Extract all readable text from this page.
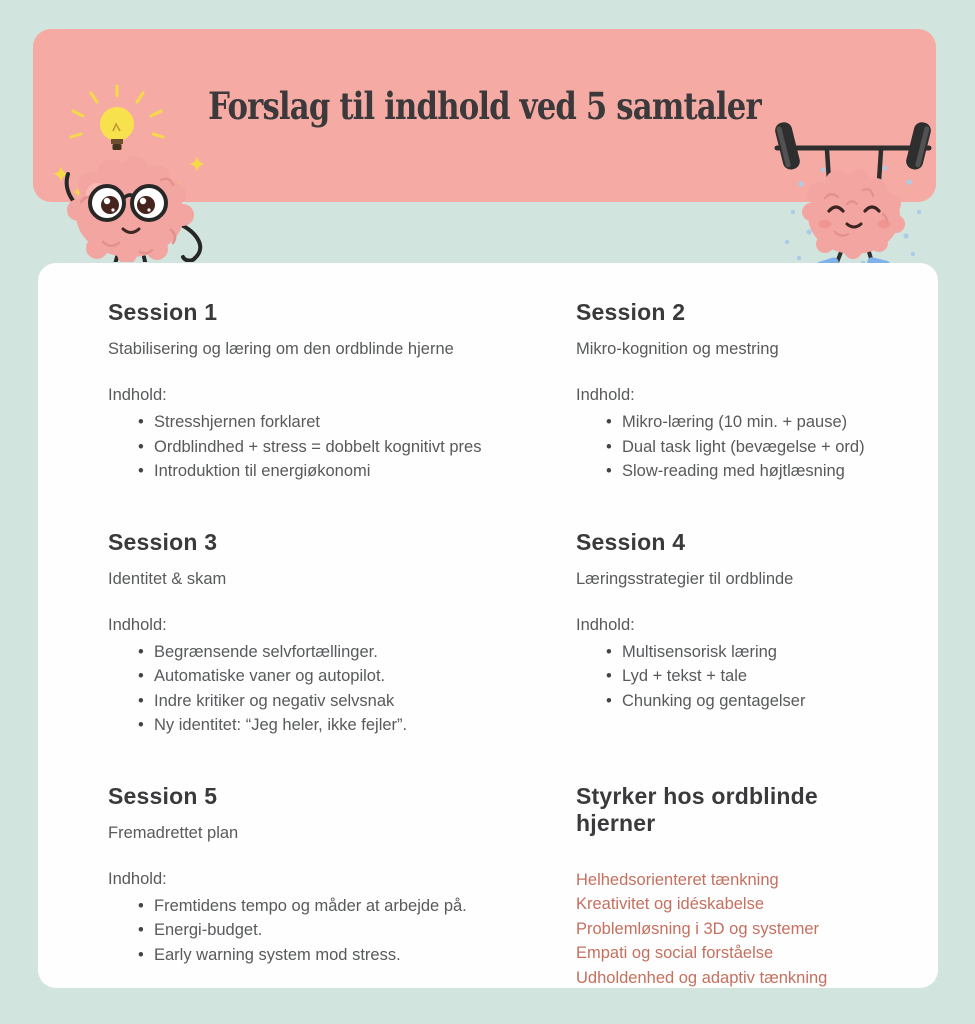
Forslag til indhold ved 5 samtaler
Session 1

Stabilisering og læring om den ordblinde hjerne

Indhold:

• Stresshjernen forklaret
• Ordblindhed + stress = dobbelt kognitivt pres
• Introduktion til energiøkonomi
Session 2

Mikro-kognition og mestring

Indhold:

• Mikro-læring (10 min. + pause)
• Dual task light (bevægelse + ord)
• Slow-reading med højtlæsning
Session 3

Identitet & skam

Indhold:

• Begrænsende selvfortællinger.
• Automatiske vaner og autopilot.
• Indre kritiker og negativ selvsnak
• Ny identitet: “Jeg heler, ikke fejler”.
Session 4

Læringsstrategier til ordblinde

Indhold:

• Multisensorisk læring
• Lyd + tekst + tale
• Chunking og gentagelser
Session 5

Fremadrettet plan

Indhold:

• Fremtidens tempo og måder at arbejde på.
• Energi-budget.
• Early warning system mod stress.
Styrker hos ordblinde hjerner
Helhedsorienteret tænkning
Kreativitet og idéskabelse
Problemløsning i 3D og systemer
Empati og social forståelse
Udholdenhed og adaptiv tænkning
